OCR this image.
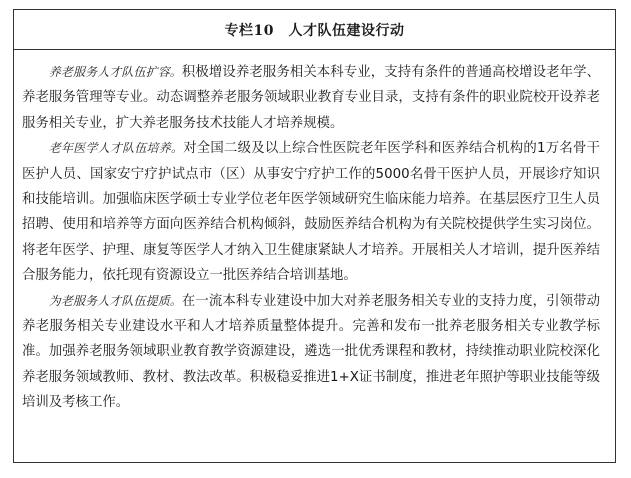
专栏10　人才队伍建设行动

养老服务人才队伍扩容。积极增设养老服务相关本科专业，支持有条件的普通高校增设老年学、养老服务管理等专业。动态调整养老服务领域职业教育专业目录，支持有条件的职业院校开设养老服务相关专业，扩大养老服务技术技能人才培养规模。

老年医学人才队伍培养。对全国二级及以上综合性医院老年医学科和医养结合机构的1万名骨干医护人员、国家安宁疗护试点市（区）从事安宁疗护工作的5000名骨干医护人员，开展诊疗知识和技能培训。加强临床医学硕士专业学位老年医学领域研究生临床能力培养。在基层医疗卫生人员招聘、使用和培养等方面向医养结合机构倾斜，鼓励医养结合机构为有关院校提供学生实习岗位。将老年医学、护理、康复等医学人才纳入卫生健康紧缺人才培养。开展相关人才培训，提升医养结合服务能力，依托现有资源设立一批医养结合培训基地。

为老服务人才队伍提质。在一流本科专业建设中加大对养老服务相关专业的支持力度，引领带动养老服务相关专业建设水平和人才培养质量整体提升。完善和发布一批养老服务相关专业教学标准。加强养老服务领域职业教育教学资源建设，遴选一批优秀课程和教材，持续推动职业院校深化养老服务领域教师、教材、教法改革。积极稳妥推进1+X证书制度，推进老年照护等职业技能等级培训及考核工作。
